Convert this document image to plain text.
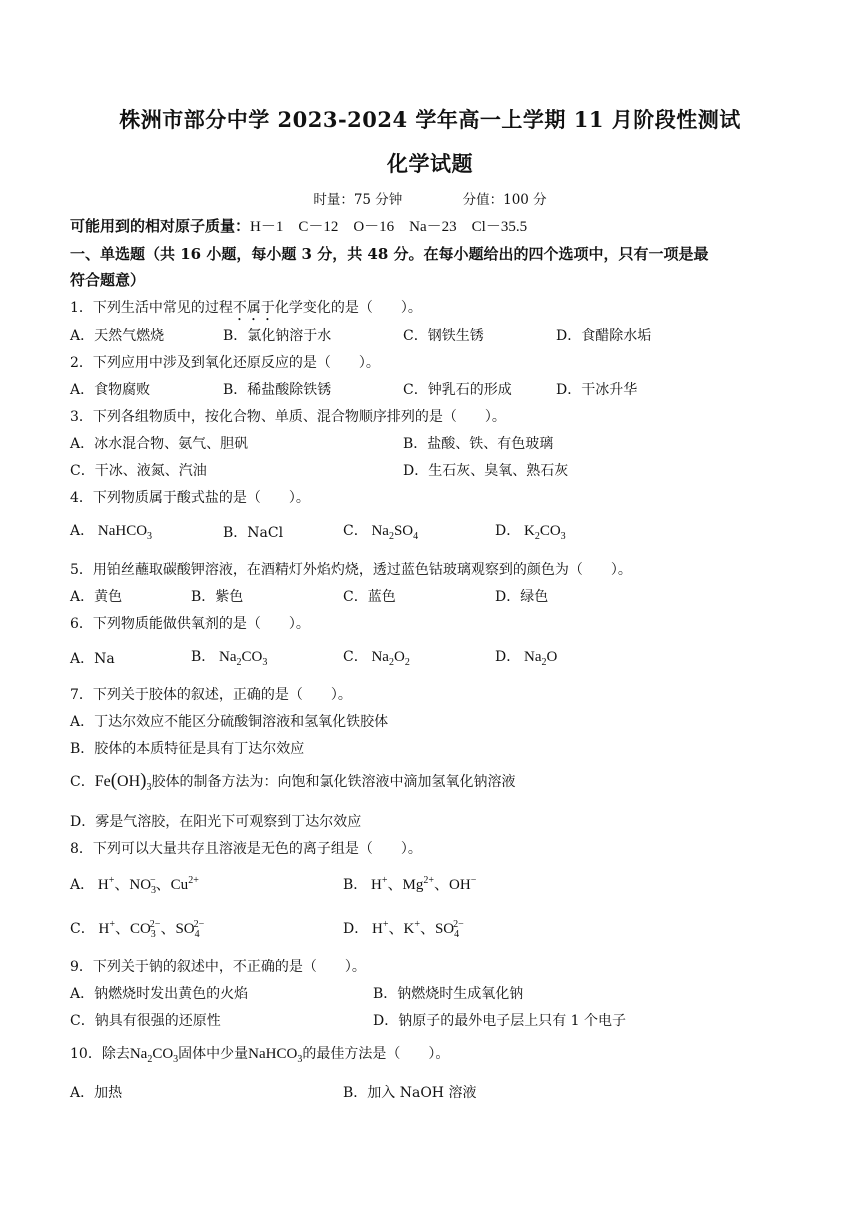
株洲市部分中学 2023-2024 学年高一上学期 11 月阶段性测试
化学试题
时量：75 分钟	分值：100 分
可能用到的相对原子质量：H－1　C－12　O－16　Na－23　Cl－35.5
一、单选题（共 16 小题，每小题 3 分，共 48 分。在每小题给出的四个选项中，只有一项是最
符合题意）
1．下列生活中常见的过程不属于化学变化的是（　　）。
A．天然气燃烧	B．氯化钠溶于水	C．钢铁生锈	D．食醋除水垢
2．下列应用中涉及到氧化还原反应的是（　　）。
A．食物腐败	B．稀盐酸除铁锈	C．钟乳石的形成	D．干冰升华
3．下列各组物质中，按化合物、单质、混合物顺序排列的是（　　）。
A．冰水混合物、氨气、胆矾	B．盐酸、铁、有色玻璃
C．干冰、液氮、汽油	D．生石灰、臭氧、熟石灰
4．下列物质属于酸式盐的是（　　）。
A． NaHCO$_3$	B．NaCl	C． $Na_2SO_4$	D． $K_2CO_3$
5．用铂丝蘸取碳酸钾溶液，在酒精灯外焰灼烧，透过蓝色钴玻璃观察到的颜色为（　　）。
A．黄色	B．紫色	C．蓝色	D．绿色
6．下列物质能做供氧剂的是（　　）。
A．Na	B． $Na_2CO_3$	C． $Na_2O_2$	D． $Na_2O$
7．下列关于胶体的叙述，正确的是（　　）。
A．丁达尔效应不能区分硫酸铜溶液和氢氧化铁胶体
B．胶体的本质特征是具有丁达尔效应
C．$Fe(OH)_3$胶体的制备方法为：向饱和氯化铁溶液中滴加氢氧化钠溶液
D．雾是气溶胶，在阳光下可观察到丁达尔效应
8．下列可以大量共存且溶液是无色的离子组是（　　）。
A． H+、$NO_3^-$、$Cu^{2+}$	B． H+、$Mg^{2+}$、OH−
C． H+、$CO_3^{2-}$、$SO_4^{2-}$	D． H+、K+、$SO_4^{2-}$
9．下列关于钠的叙述中，不正确的是（　　）。
A．钠燃烧时发出黄色的火焰	B．钠燃烧时生成氧化钠
C．钠具有很强的还原性	D．钠原子的最外电子层上只有 1 个电子
10．除去$Na_2CO_3$固体中少量NaHCO$_3$的最佳方法是（　　）。
A．加热	B．加入 NaOH 溶液
